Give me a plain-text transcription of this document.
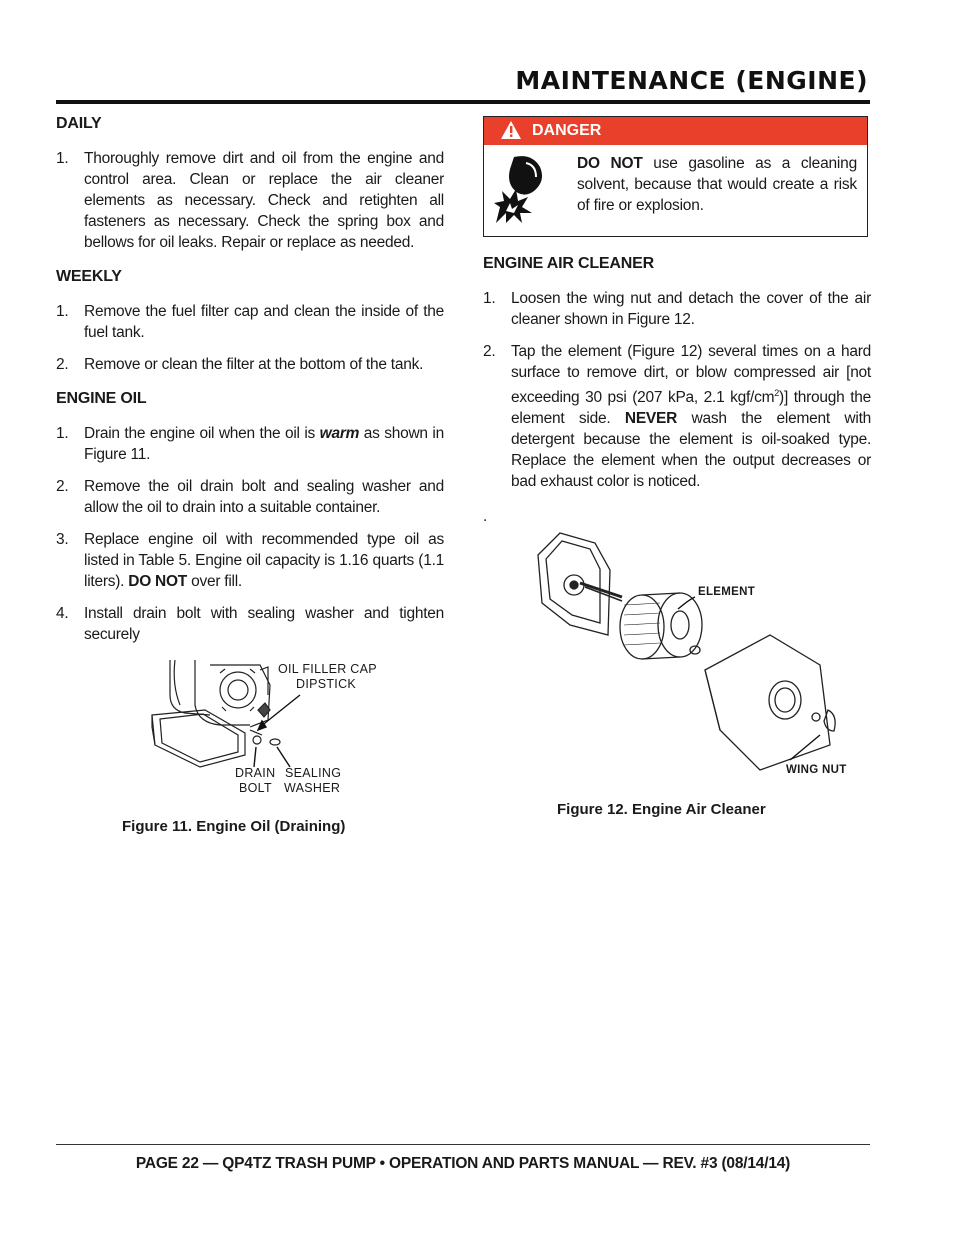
MAINTENANCE (ENGINE)
DAILY
1. Thoroughly remove dirt and oil from the engine and control area. Clean or replace the air cleaner elements as necessary. Check and retighten all fasteners as necessary. Check the spring box and bellows for oil leaks. Repair or replace as needed.
WEEKLY
1. Remove the fuel filter cap and clean the inside of the fuel tank.
2. Remove or clean the filter at the bottom of the tank.
ENGINE OIL
1. Drain the engine oil when the oil is warm as shown in Figure 11.
2. Remove the oil drain bolt and sealing washer and allow the oil to drain into a suitable container.
3. Replace engine oil with recommended type oil as listed in Table 5. Engine oil capacity is 1.16 quarts (1.1 liters). DO NOT over fill.
4. Install drain bolt with sealing washer and tighten securely
OIL FILLER CAP
DIPSTICK
DRAIN
BOLT
SEALING
WASHER

Figure 11. Engine Oil (Draining)

DANGER
DO NOT use gasoline as a cleaning solvent, because that would create a risk of fire or explosion.
ENGINE AIR CLEANER
1. Loosen the wing nut and detach the cover of the air cleaner shown in Figure 12.
2. Tap the element (Figure 12) several times on a hard surface to remove dirt, or blow compressed air [not exceeding 30 psi (207 kPa, 2.1 kgf/$cm^2$)] through the element side. NEVER wash the element with detergent because the element is oil-soaked type. Replace the element when the output decreases or bad exhaust color is noticed.
.
ELEMENT
WING NUT

Figure 12. Engine Air Cleaner

PAGE 22 — QP4TZ TRASH PUMP • OPERATION AND PARTS MANUAL — REV. #3 (08/14/14)
